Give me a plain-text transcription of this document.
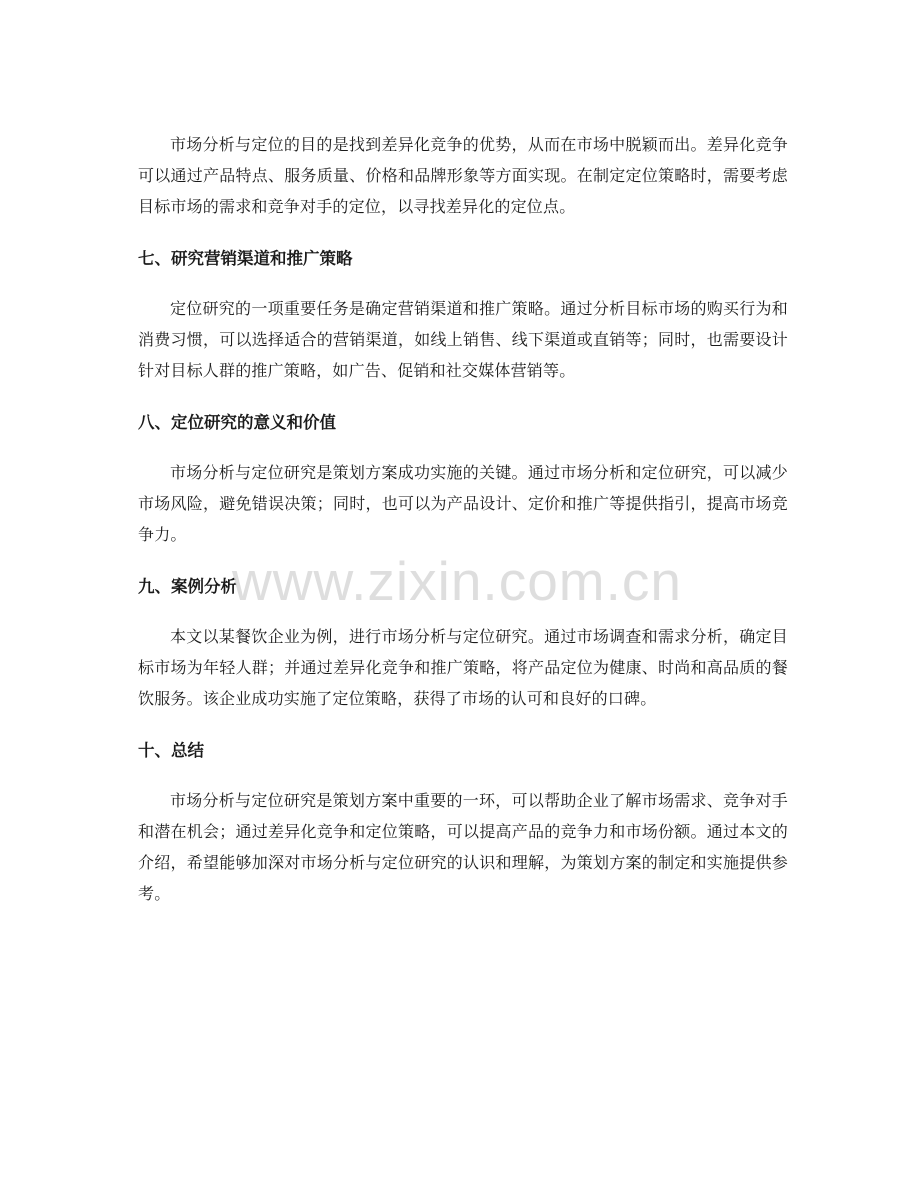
市场分析与定位的目的是找到差异化竞争的优势，从而在市场中脱颖而出。差异化竞争可以通过产品特点、服务质量、价格和品牌形象等方面实现。在制定定位策略时，需要考虑目标市场的需求和竞争对手的定位，以寻找差异化的定位点。

七、研究营销渠道和推广策略

定位研究的一项重要任务是确定营销渠道和推广策略。通过分析目标市场的购买行为和消费习惯，可以选择适合的营销渠道，如线上销售、线下渠道或直销等；同时，也需要设计针对目标人群的推广策略，如广告、促销和社交媒体营销等。

八、定位研究的意义和价值

市场分析与定位研究是策划方案成功实施的关键。通过市场分析和定位研究，可以减少市场风险，避免错误决策；同时，也可以为产品设计、定价和推广等提供指引，提高市场竞争力。

九、案例分析

本文以某餐饮企业为例，进行市场分析与定位研究。通过市场调查和需求分析，确定目标市场为年轻人群；并通过差异化竞争和推广策略，将产品定位为健康、时尚和高品质的餐饮服务。该企业成功实施了定位策略，获得了市场的认可和良好的口碑。

十、总结

市场分析与定位研究是策划方案中重要的一环，可以帮助企业了解市场需求、竞争对手和潜在机会；通过差异化竞争和定位策略，可以提高产品的竞争力和市场份额。通过本文的介绍，希望能够加深对市场分析与定位研究的认识和理解，为策划方案的制定和实施提供参考。

www.zixin.com.cn
